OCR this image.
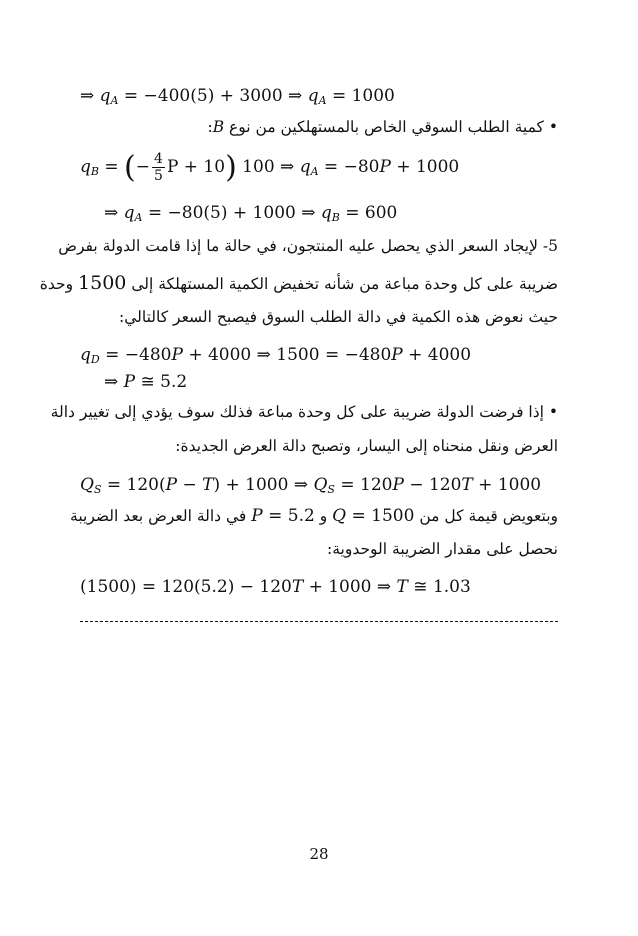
⇒ $q_A = -400(5) + 3000$ ⇒ $q_A = 1000$
• كمية الطلب السوقي الخاص بالمستهلكين من نوع B:
$q_B$ = (− $\frac{4}{5}$ P + 10) 100 ⇒ $q_A = -80P + 1000$
⇒ $q_A = -80(5) + 1000$ ⇒ $q_B = 600$
5- لإيجاد السعر الذي يحصل عليه المنتجون، في حالة ما إذا قامت الدولة بفرض
ضريبة على كل وحدة مباعة من شأنه تخفيض الكمية المستهلكة إلى 1500 وحدة
حيث نعوض هذه الكمية في دالة الطلب السوق فيصبح السعر كالتالي:
$q_D = -480P + 4000$ ⇒ 1500 = −480P + 4000
⇒ P ≅ 5.2
• إذا فرضت الدولة ضريبة على كل وحدة مباعة فذلك سوف يؤدي إلى تغيير دالة
العرض ونقل منحناه إلى اليسار، وتصبح دالة العرض الجديدة:
$Q_S = 120(P - T) + 1000$ ⇒ $Q_S = 120P - 120T + 1000$
وبتعويض قيمة كل من Q = 1500 و P = 5.2 في دالة العرض بعد الضريبة
نحصل على مقدار الضريبة الوحدوية:
(1500) = 120(5.2) − 120T + 1000 ⇒ T ≅ 1.03
28
